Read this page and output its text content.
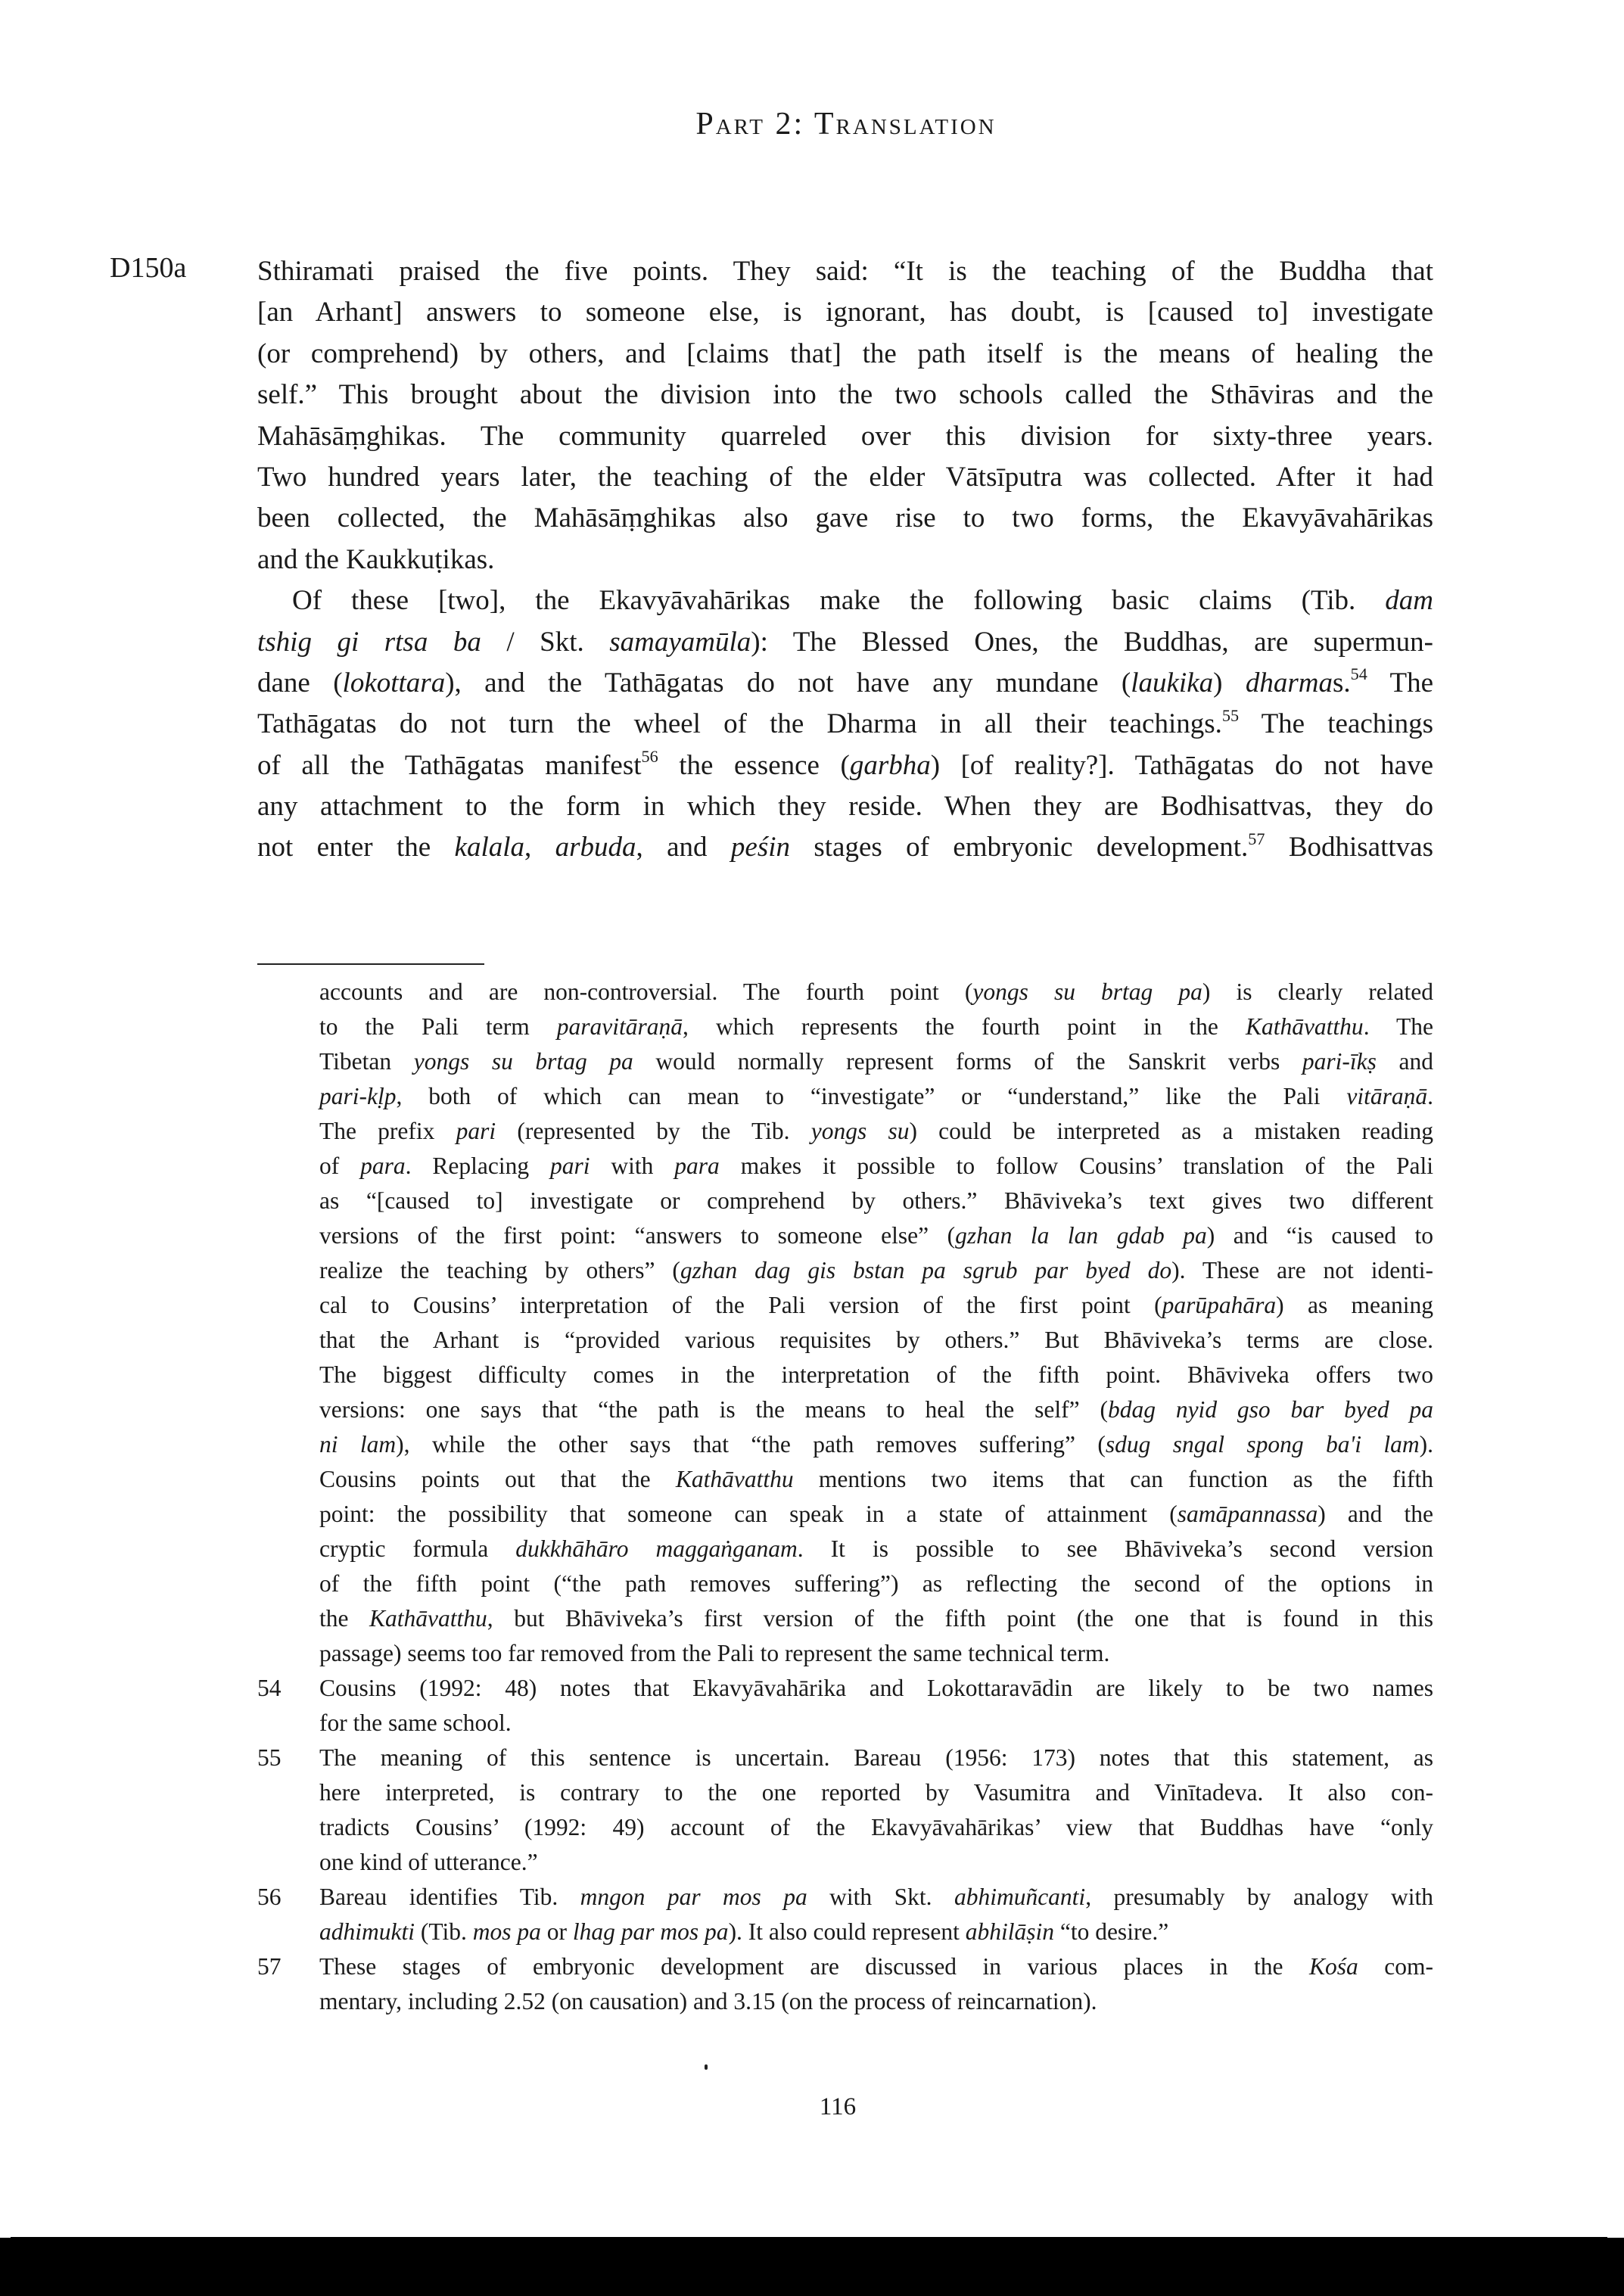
Part 2: Translation
D150a	Sthiramati praised the five points. They said: “It is the teaching of the Buddha that
[an Arhant] answers to someone else, is ignorant, has doubt, is [caused to] investigate
(or comprehend) by others, and [claims that] the path itself is the means of healing the
self.” This brought about the division into the two schools called the Sthāviras and the
Mahāsāṃghikas. The community quarreled over this division for sixty-three years.
Two hundred years later, the teaching of the elder Vātsīputra was collected. After it had
been collected, the Mahāsāṃghikas also gave rise to two forms, the Ekavyāvahārikas
and the Kaukkuṭikas.
Of these [two], the Ekavyāvahārikas make the following basic claims (Tib. dam
tshig gi rtsa ba / Skt. samayamūla): The Blessed Ones, the Buddhas, are supermun-
dane (lokottara), and the Tathāgatas do not have any mundane (laukika) dharmas.$^{54}$ The
Tathāgatas do not turn the wheel of the Dharma in all their teachings.$^{55}$ The teachings
of all the Tathāgatas manifest$^{56}$ the essence (garbha) [of reality?]. Tathāgatas do not have
any attachment to the form in which they reside. When they are Bodhisattvas, they do
not enter the kalala, arbuda, and peśin stages of embryonic development.$^{57}$ Bodhisattvas
accounts and are non-controversial. The fourth point (yongs su brtag pa) is clearly related
to the Pali term paravitāraṇā, which represents the fourth point in the Kathāvatthu. The
Tibetan yongs su brtag pa would normally represent forms of the Sanskrit verbs pari-īkṣ and
pari-kḷp, both of which can mean to “investigate” or “understand,” like the Pali vitāraṇā.
The prefix pari (represented by the Tib. yongs su) could be interpreted as a mistaken reading
of para. Replacing pari with para makes it possible to follow Cousins’ translation of the Pali
as “[caused to] investigate or comprehend by others.” Bhāviveka’s text gives two different
versions of the first point: “answers to someone else” (gzhan la lan gdab pa) and “is caused to
realize the teaching by others” (gzhan dag gis bstan pa sgrub par byed do). These are not identi-
cal to Cousins’ interpretation of the Pali version of the first point (parūpahāra) as meaning
that the Arhant is “provided various requisites by others.” But Bhāviveka’s terms are close.
The biggest difficulty comes in the interpretation of the fifth point. Bhāviveka offers two
versions: one says that “the path is the means to heal the self” (bdag nyid gso bar byed pa
ni lam), while the other says that “the path removes suffering” (sdug sngal spong ba'i lam).
Cousins points out that the Kathāvatthu mentions two items that can function as the fifth
point: the possibility that someone can speak in a state of attainment (samāpannassa) and the
cryptic formula dukkhāhāro maggaṅganam. It is possible to see Bhāviveka’s second version
of the fifth point (“the path removes suffering”) as reflecting the second of the options in
the Kathāvatthu, but Bhāviveka’s first version of the fifth point (the one that is found in this
passage) seems too far removed from the Pali to represent the same technical term.
54 Cousins (1992: 48) notes that Ekavyāvahārika and Lokottaravādin are likely to be two names
for the same school.
55 The meaning of this sentence is uncertain. Bareau (1956: 173) notes that this statement, as
here interpreted, is contrary to the one reported by Vasumitra and Vinītadeva. It also con-
tradicts Cousins’ (1992: 49) account of the Ekavyāvahārikas’ view that Buddhas have “only
one kind of utterance.”
56 Bareau identifies Tib. mngon par mos pa with Skt. abhimuñcanti, presumably by analogy with
adhimukti (Tib. mos pa or lhag par mos pa). It also could represent abhilāṣin “to desire.”
57 These stages of embryonic development are discussed in various places in the Kośa com-
mentary, including 2.52 (on causation) and 3.15 (on the process of reincarnation).
116
